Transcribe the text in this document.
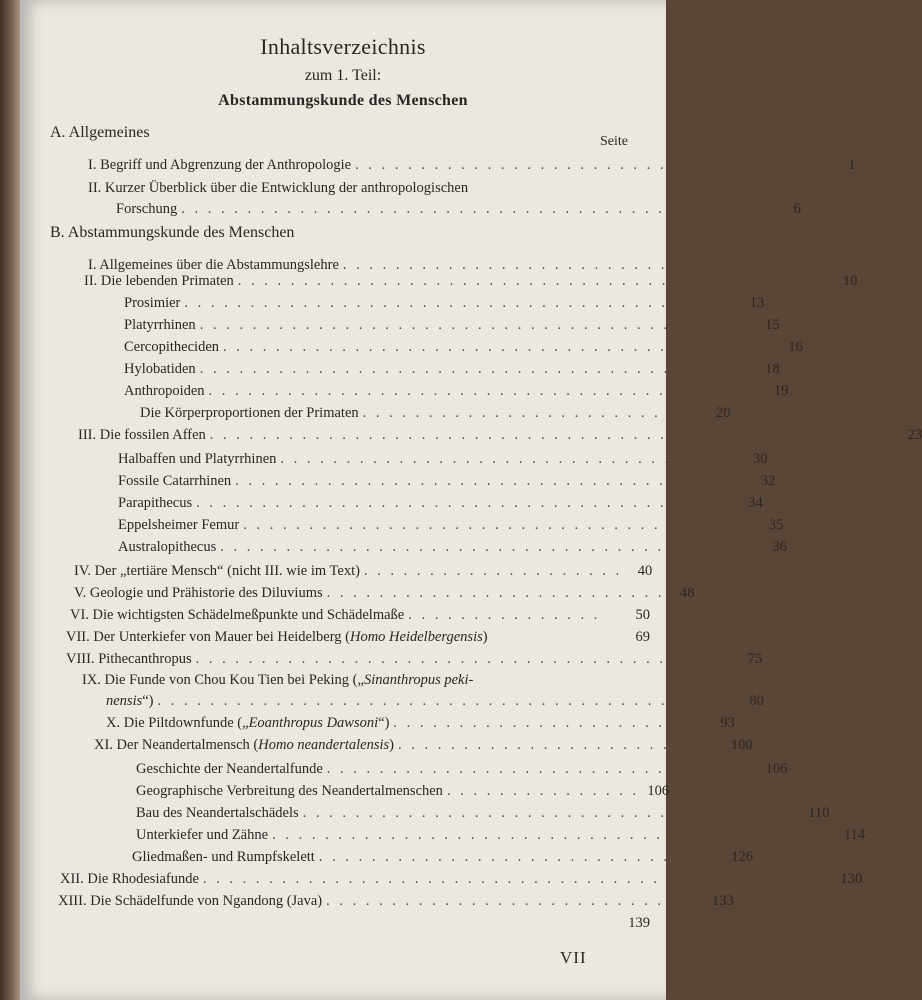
Inhaltsverzeichnis
zum 1. Teil:
Abstammungskunde des Menschen
Seite
A. Allgemeines
I. Begriff und Abgrenzung der Anthropologie . . . . . . . . . . . . . . . . . . . . . . . . . . . . . . . . . . . .	1
II. Kurzer Überblick über die Entwicklung der anthropologischen
Forschung . . . . . . . . . . . . . . . . . . . . . . . . . . . . . . . . . . . . . . . . . . . . .	6
B. Abstammungskunde des Menschen
I. Allgemeines über die Abstammungslehre . . . . . . . . . . . . . . . . . . . . . . . . . . . . . . . . . . . .
II. Die lebenden Primaten . . . . . . . . . . . . . . . . . . . . . . . . . . . . . . . . . . . . . . . . . . . . .	10
Prosimier . . . . . . . . . . . . . . . . . . . . . . . . . . . . . . . . . . . . . . . . . .	13
Platyrrhinen . . . . . . . . . . . . . . . . . . . . . . . . . . . . . . . . . . . . . . . . . .	15
Cercopitheciden . . . . . . . . . . . . . . . . . . . . . . . . . . . . . . . . . . . . . . . . . .	16
Hylobatiden . . . . . . . . . . . . . . . . . . . . . . . . . . . . . . . . . . . . . . . . . .	18
Anthropoiden . . . . . . . . . . . . . . . . . . . . . . . . . . . . . . . . . . . . . . . . . .	19
Die Körperproportionen der Primaten . . . . . . . . . . . . . . . . . . . . . . . . . .	20
III. Die fossilen Affen . . . . . . . . . . . . . . . . . . . . . . . . . . . . . . . . . . . . . . . . . . . . . . . . . . . .	23
Halbaffen und Platyrrhinen . . . . . . . . . . . . . . . . . . . . . . . . . . . . . . . . . . .	30
Fossile Catarrhinen . . . . . . . . . . . . . . . . . . . . . . . . . . . . . . . . . . . . . . .	32
Parapithecus . . . . . . . . . . . . . . . . . . . . . . . . . . . . . . . . . . . . . . . . .	34
Eppelsheimer Femur . . . . . . . . . . . . . . . . . . . . . . . . . . . . . . . . . . . . . . .	35
Australopithecus . . . . . . . . . . . . . . . . . . . . . . . . . . . . . . . . . . . . . . . . .	36
IV. Der „tertiäre Mensch“ (nicht III. wie im Text) . . . . . . . . . . . . . . . . . . . .	40
V. Geologie und Prähistorie des Diluviums . . . . . . . . . . . . . . . . . . . . . . . . . .	48
VI. Die wichtigsten Schädelmeßpunkte und Schädelmaße . . . . . . . . . . . . . . .	50
VII. Der Unterkiefer von Mauer bei Heidelberg (Homo Heidelbergensis)	69
VIII. Pithecanthropus . . . . . . . . . . . . . . . . . . . . . . . . . . . . . . . . . . . . . . . . .	75
IX. Die Funde von Chou Kou Tien bei Peking („Sinanthropus peki-
nensis“) . . . . . . . . . . . . . . . . . . . . . . . . . . . . . . . . . . . . . . . . . . . .	80
X. Die Piltdownfunde („Eoanthropus Dawsoni“) . . . . . . . . . . . . . . . . . . . . . . . .	93
XI. Der Neandertalmensch (Homo neandertalensis) . . . . . . . . . . . . . . . . . . . . . . . . . 100
Geschichte der Neandertalfunde . . . . . . . . . . . . . . . . . . . . . . . . . . . . . . . . . 106
Geographische Verbreitung des Neandertalmenschen . . . . . . . . . . . . . . . 106
Bau des Neandertalschädels . . . . . . . . . . . . . . . . . . . . . . . . . . . . . . . . . . . . . . 110
Unterkiefer und Zähne . . . . . . . . . . . . . . . . . . . . . . . . . . . . . . . . . . . . . . . . . . . 114
Gliedmaßen- und Rumpfskelett . . . . . . . . . . . . . . . . . . . . . . . . . . . . . . . 126
XII. Die Rhodesiafunde . . . . . . . . . . . . . . . . . . . . . . . . . . . . . . . . . . . . . . . . . . . . . . . . 130
XIII. Die Schädelfunde von Ngandong (Java) . . . . . . . . . . . . . . . . . . . . . . . . . . . . . 133
139
VII
